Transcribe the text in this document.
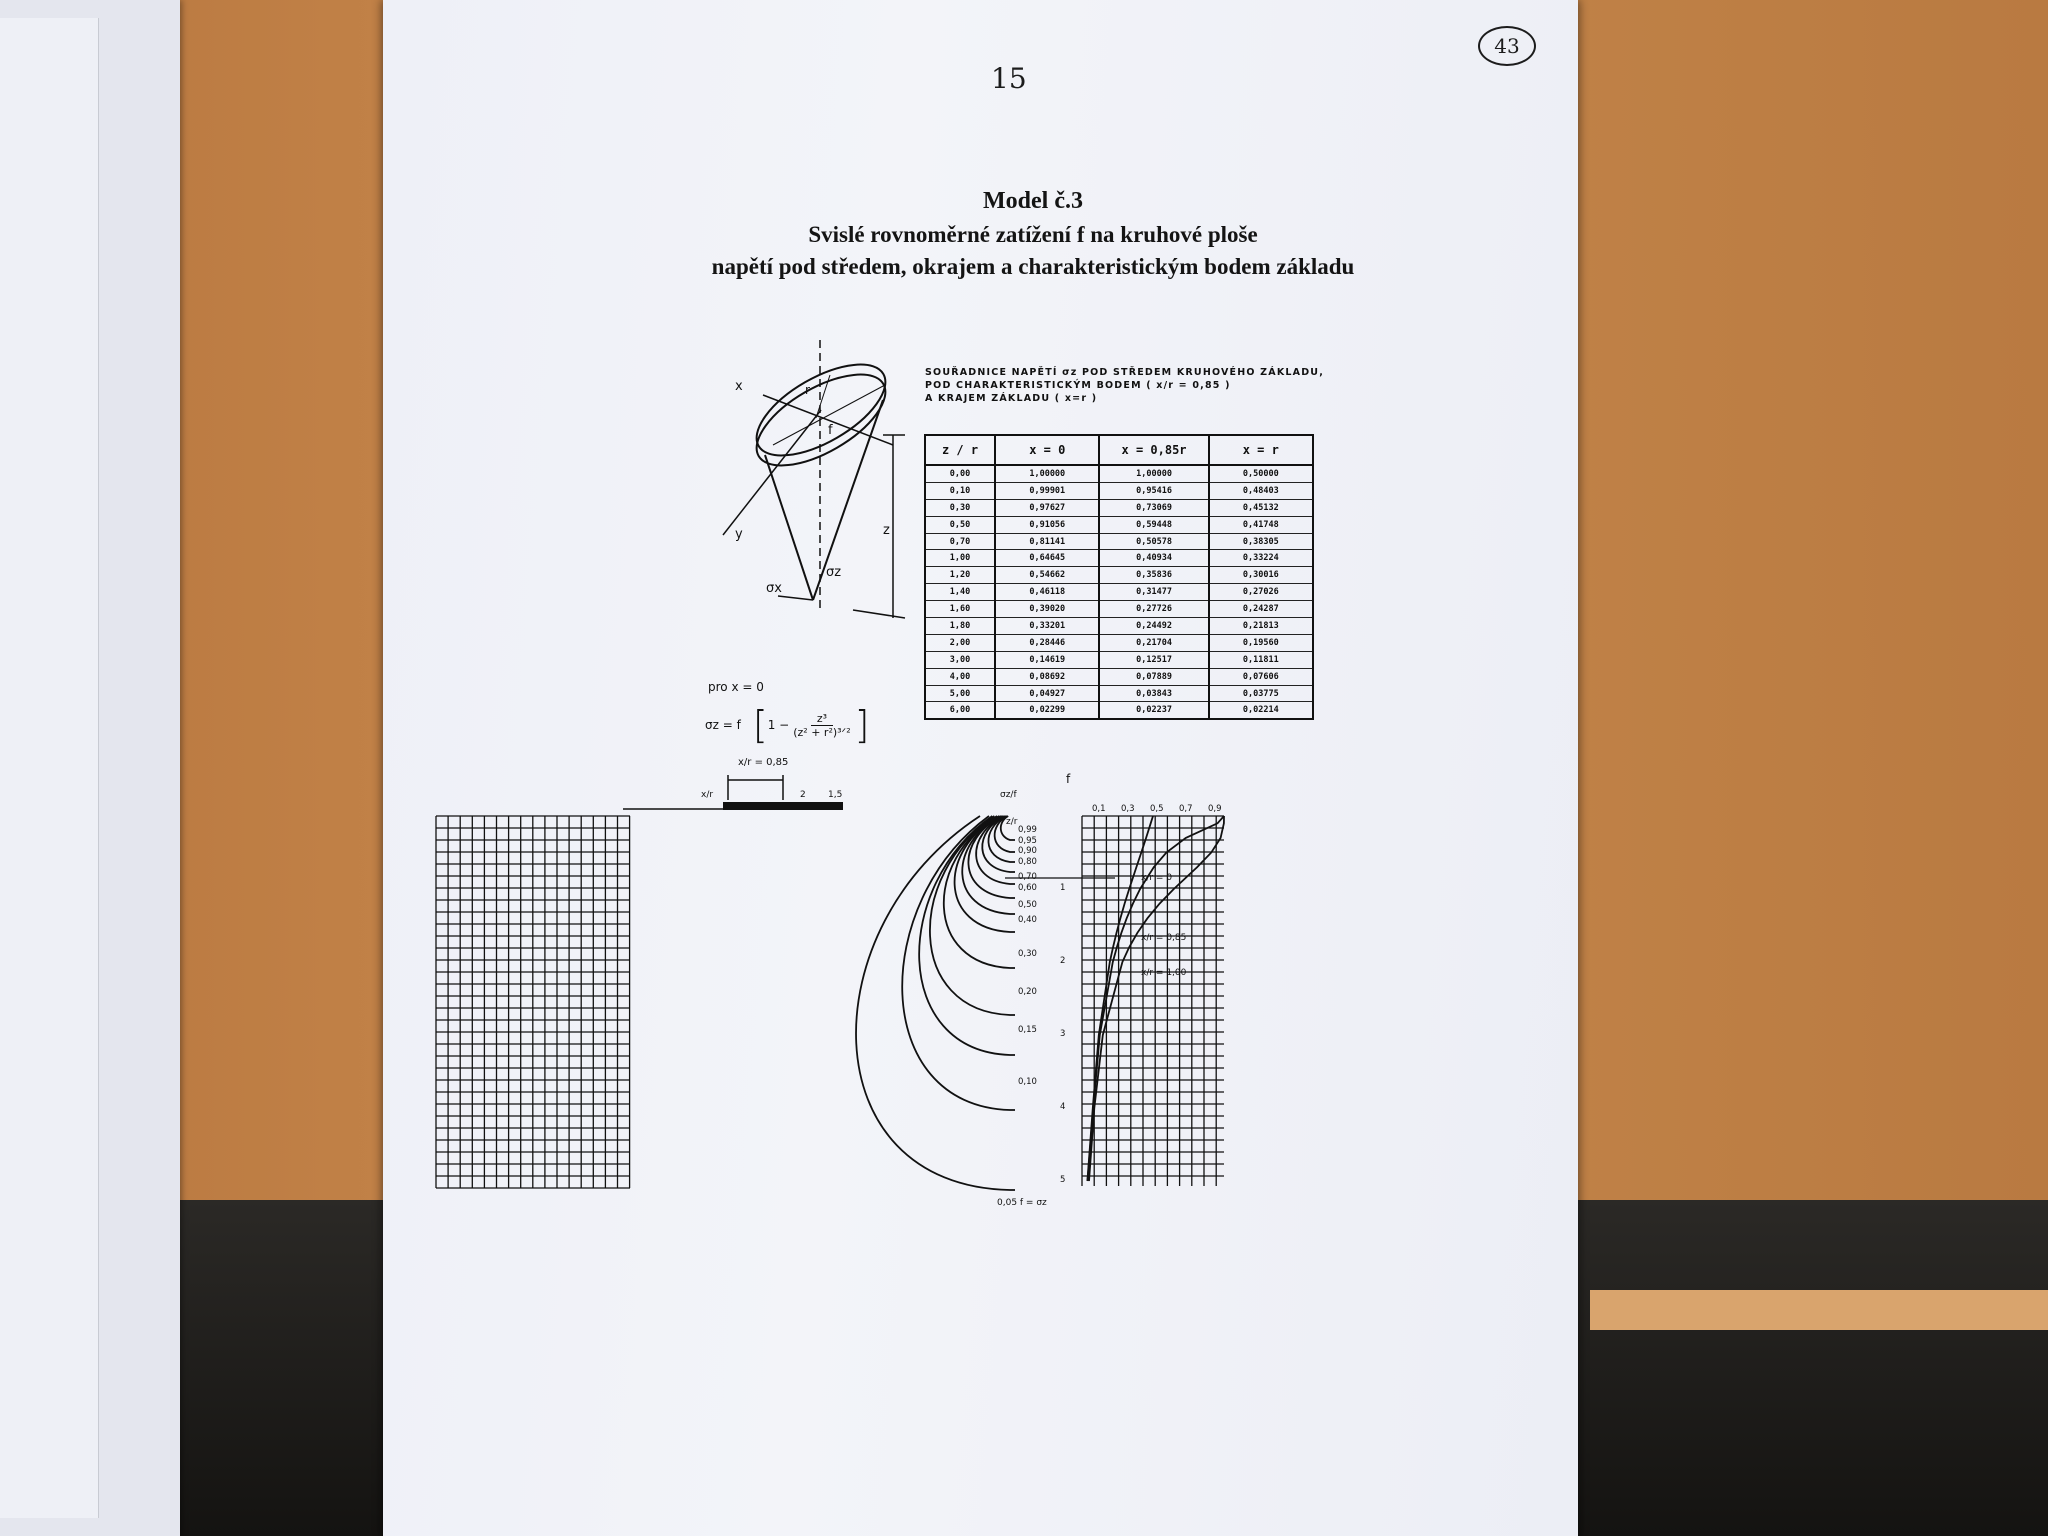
15
43
Model č.3
Svislé rovnoměrné zatížení f na kruhové ploše
napětí pod středem, okrajem a charakteristickým bodem základu
SOUŘADNICE NAPĚTÍ σz POD STŘEDEM KRUHOVÉHO ZÁKLADU,
POD CHARAKTERISTICKÝM BODEM ( x/r = 0,85 )
A KRAJEM ZÁKLADU ( x=r )
z / r	x = 0	x = 0,85r	x = r
0,00	1,00000	1,00000	0,50000
0,10	0,99901	0,95416	0,48403
0,30	0,97627	0,73069	0,45132
0,50	0,91056	0,59448	0,41748
0,70	0,81141	0,50578	0,38305
1,00	0,64645	0,40934	0,33224
1,20	0,54662	0,35836	0,30016
1,40	0,46118	0,31477	0,27026
1,60	0,39020	0,27726	0,24287
1,80	0,33201	0,24492	0,21813
2,00	0,28446	0,21704	0,19560
3,00	0,14619	0,12517	0,11811
4,00	0,08692	0,07889	0,07606
5,00	0,04927	0,03843	0,03775
6,00	0,02299	0,02237	0,02214
pro x = 0
σz = f [ $1 - \frac{\text{z³}}{\text{(z² + r²)³ᐟ²}}$ ]
x
y	z
r
f
σz
σx
x/r = 0,85
f
2 1,5
x/r	σz/f
0,1 0,3 0,5 0,7 0,9
0,99
0,95
0,90
0,80
0,70
0,60
0,50
0,40
0,30
0,20
0,15
0,10
1
2
3
4
5
z/r
0,05 f = σz
x/r = 0
x/r = 0,85
x/r = 1,00
